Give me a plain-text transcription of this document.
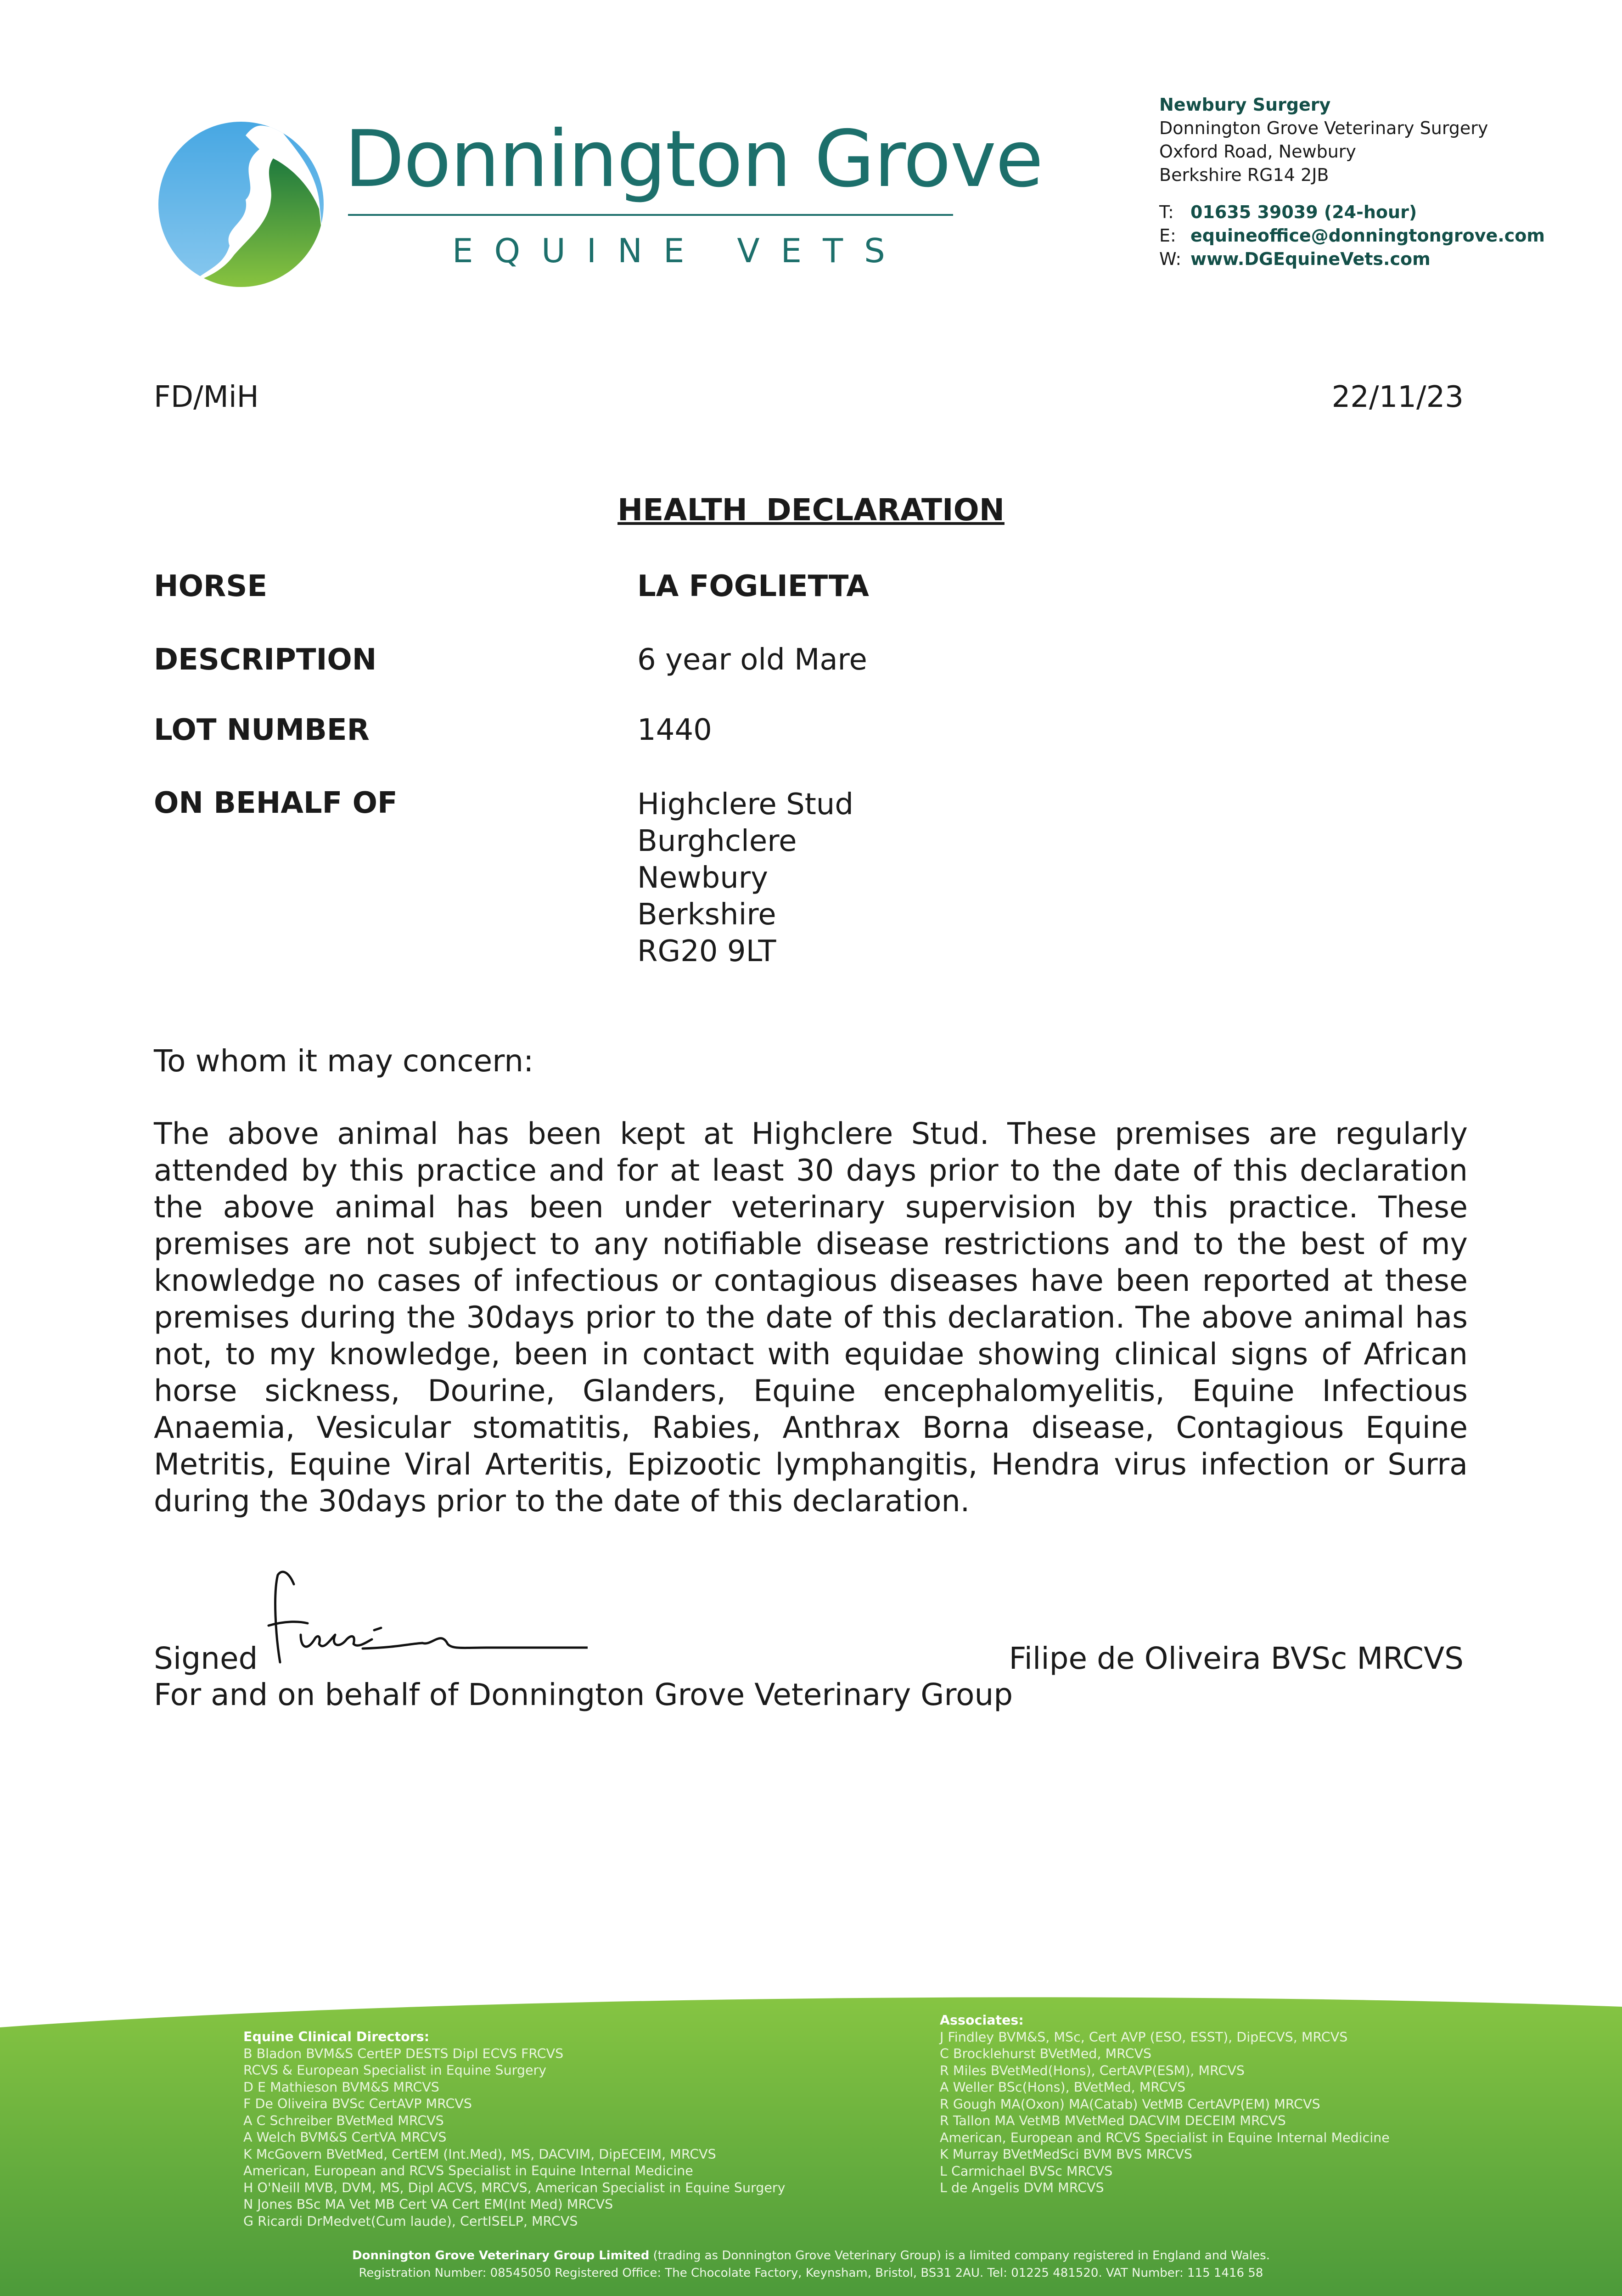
Donnington Grove
EQUINE VETS
Newbury Surgery
Donnington Grove Veterinary Surgery
Oxford Road, Newbury
Berkshire RG14 2JB
T: 01635 39039 (24-hour)
E: equineoffice@donningtongrove.com
W: www.DGEquineVets.com
FD/MiH	22/11/23
HEALTH DECLARATION
HORSE	LA FOGLIETTA
DESCRIPTION	6 year old Mare
LOT NUMBER	1440
ON BEHALF OF	Highclere Stud
Burghclere
Newbury
Berkshire
RG20 9LT
To whom it may concern:
The above animal has been kept at Highclere Stud. These premises are regularly attended by this practice and for at least 30 days prior to the date of this declaration the above animal has been under veterinary supervision by this practice. These premises are not subject to any notifiable disease restrictions and to the best of my knowledge no cases of infectious or contagious diseases have been reported at these premises during the 30days prior to the date of this declaration. The above animal has not, to my knowledge, been in contact with equidae showing clinical signs of African horse sickness, Dourine, Glanders, Equine encephalomyelitis, Equine Infectious Anaemia, Vesicular stomatitis, Rabies, Anthrax Borna disease, Contagious Equine Metritis, Equine Viral Arteritis, Epizootic lymphangitis, Hendra virus infection or Surra during the 30days prior to the date of this declaration.
Signed	Filipe de Oliveira BVSc MRCVS
For and on behalf of Donnington Grove Veterinary Group
Equine Clinical Directors:
B Bladon BVM&S CertEP DESTS Dipl ECVS FRCVS
RCVS & European Specialist in Equine Surgery
D E Mathieson BVM&S MRCVS
F De Oliveira BVSc CertAVP MRCVS
A C Schreiber BVetMed MRCVS
A Welch BVM&S CertVA MRCVS
K McGovern BVetMed, CertEM (Int.Med), MS, DACVIM, DipECEIM, MRCVS
American, European and RCVS Specialist in Equine Internal Medicine
H O'Neill MVB, DVM, MS, Dipl ACVS, MRCVS, American Specialist in Equine Surgery
N Jones BSc MA Vet MB Cert VA Cert EM(Int Med) MRCVS
G Ricardi DrMedvet(Cum laude), CertISELP, MRCVS
Associates:
J Findley BVM&S, MSc, Cert AVP (ESO, ESST), DipECVS, MRCVS
C Brocklehurst BVetMed, MRCVS
R Miles BVetMed(Hons), CertAVP(ESM), MRCVS
A Weller BSc(Hons), BVetMed, MRCVS
R Gough MA(Oxon) MA(Catab) VetMB CertAVP(EM) MRCVS
R Tallon MA VetMB MVetMed DACVIM DECEIM MRCVS
American, European and RCVS Specialist in Equine Internal Medicine
K Murray BVetMedSci BVM BVS MRCVS
L Carmichael BVSc MRCVS
L de Angelis DVM MRCVS
Donnington Grove Veterinary Group Limited (trading as Donnington Grove Veterinary Group) is a limited company registered in England and Wales.
Registration Number: 08545050 Registered Office: The Chocolate Factory, Keynsham, Bristol, BS31 2AU. Tel: 01225 481520. VAT Number: 115 1416 58
